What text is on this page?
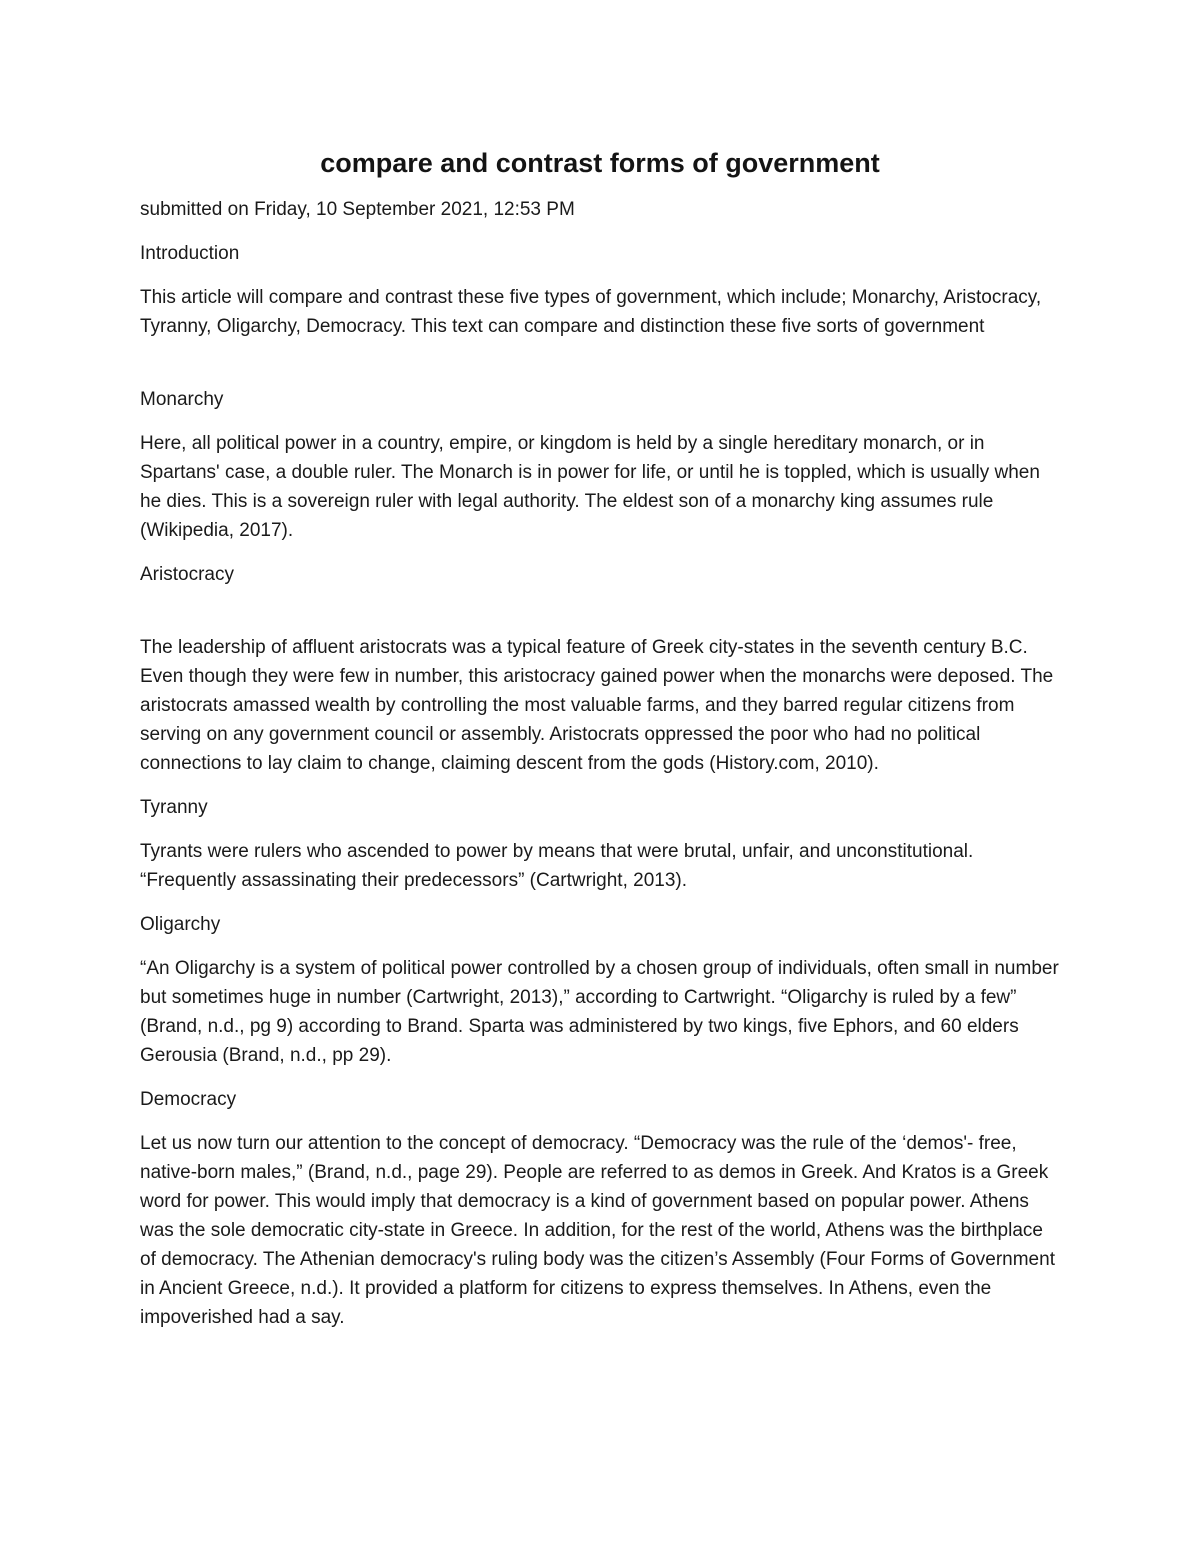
compare and contrast forms of government

submitted on Friday, 10 September 2021, 12:53 PM

Introduction

This article will compare and contrast these five types of government, which include; Monarchy, Aristocracy, Tyranny, Oligarchy, Democracy. This text can compare and distinction these five sorts of government

Monarchy

Here, all political power in a country, empire, or kingdom is held by a single hereditary monarch, or in Spartans' case, a double ruler. The Monarch is in power for life, or until he is toppled, which is usually when he dies. This is a sovereign ruler with legal authority. The eldest son of a monarchy king assumes rule (Wikipedia, 2017).

Aristocracy

The leadership of affluent aristocrats was a typical feature of Greek city-states in the seventh century B.C. Even though they were few in number, this aristocracy gained power when the monarchs were deposed. The aristocrats amassed wealth by controlling the most valuable farms, and they barred regular citizens from serving on any government council or assembly. Aristocrats oppressed the poor who had no political connections to lay claim to change, claiming descent from the gods (History.com, 2010).

Tyranny

Tyrants were rulers who ascended to power by means that were brutal, unfair, and unconstitutional. “Frequently assassinating their predecessors” (Cartwright, 2013).

Oligarchy

“An Oligarchy is a system of political power controlled by a chosen group of individuals, often small in number but sometimes huge in number (Cartwright, 2013),” according to Cartwright. “Oligarchy is ruled by a few” (Brand, n.d., pg 9) according to Brand. Sparta was administered by two kings, five Ephors, and 60 elders Gerousia (Brand, n.d., pp 29).

Democracy

Let us now turn our attention to the concept of democracy. “Democracy was the rule of the ‘demos'- free, native-born males,” (Brand, n.d., page 29). People are referred to as demos in Greek. And Kratos is a Greek word for power. This would imply that democracy is a kind of government based on popular power. Athens was the sole democratic city-state in Greece. In addition, for the rest of the world, Athens was the birthplace of democracy. The Athenian democracy's ruling body was the citizen’s Assembly (Four Forms of Government in Ancient Greece, n.d.). It provided a platform for citizens to express themselves. In Athens, even the impoverished had a say.
